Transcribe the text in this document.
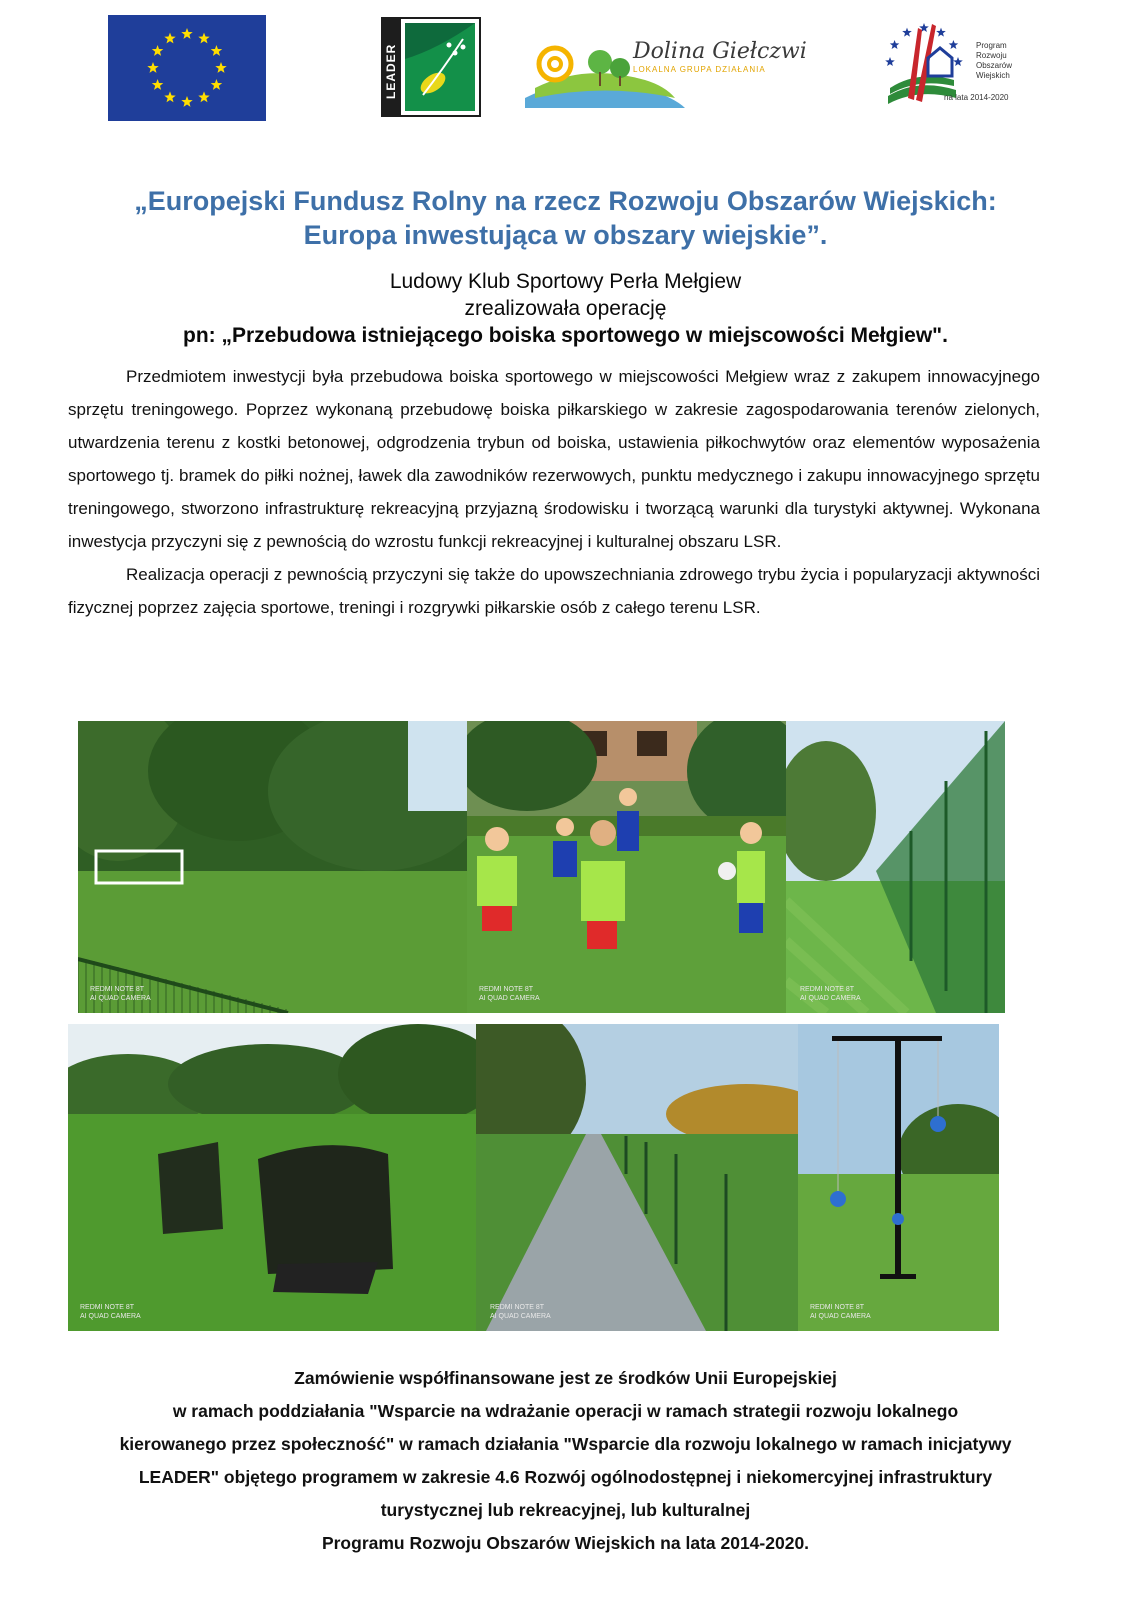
LEADER	Dolina Giełczwi
LOKALNA GRUPA DZIAŁANIA
Program
Rozwoju
Obszarów
Wiejskich
na lata 2014-2020
„Europejski Fundusz Rolny na rzecz Rozwoju Obszarów Wiejskich:
Europa inwestująca w obszary wiejskie”.
Ludowy Klub Sportowy Perła Mełgiew
zrealizowała operację
pn: „Przebudowa istniejącego boiska sportowego w miejscowości Mełgiew".

Przedmiotem inwestycji była przebudowa boiska sportowego w miejscowości Mełgiew wraz z zakupem innowacyjnego sprzętu treningowego. Poprzez wykonaną przebudowę boiska piłkarskiego w zakresie zagospodarowania terenów zielonych, utwardzenia terenu z kostki betonowej, odgrodzenia trybun od boiska, ustawienia piłkochwytów oraz elementów wyposażenia sportowego tj. bramek do piłki nożnej, ławek dla zawodników rezerwowych, punktu medycznego i zakupu innowacyjnego sprzętu treningowego, stworzono infrastrukturę rekreacyjną przyjazną środowisku i tworzącą warunki dla turystyki aktywnej. Wykonana inwestycja przyczyni się z pewnością do wzrostu funkcji rekreacyjnej i kulturalnej obszaru LSR.

Realizacja operacji z pewnością przyczyni się także do upowszechniania zdrowego trybu życia i popularyzacji aktywności fizycznej poprzez zajęcia sportowe, treningi i rozgrywki piłkarskie osób z całego terenu LSR.

REDMI NOTE 8T
AI QUAD CAMERA
REDMI NOTE 8T
AI QUAD CAMERA
REDMI NOTE 8T
AI QUAD CAMERA
REDMI NOTE 8T
AI QUAD CAMERA
REDMI NOTE 8T
AI QUAD CAMERA
REDMI NOTE 8T
AI QUAD CAMERA
Zamówienie współfinansowane jest ze środków Unii Europejskiej
w ramach poddziałania "Wsparcie na wdrażanie operacji w ramach strategii rozwoju lokalnego
kierowanego przez społeczność" w ramach działania "Wsparcie dla rozwoju lokalnego w ramach inicjatywy
LEADER" objętego programem w zakresie 4.6 Rozwój ogólnodostępnej i niekomercyjnej infrastruktury
turystycznej lub rekreacyjnej, lub kulturalnej
Programu Rozwoju Obszarów Wiejskich na lata 2014-2020.
